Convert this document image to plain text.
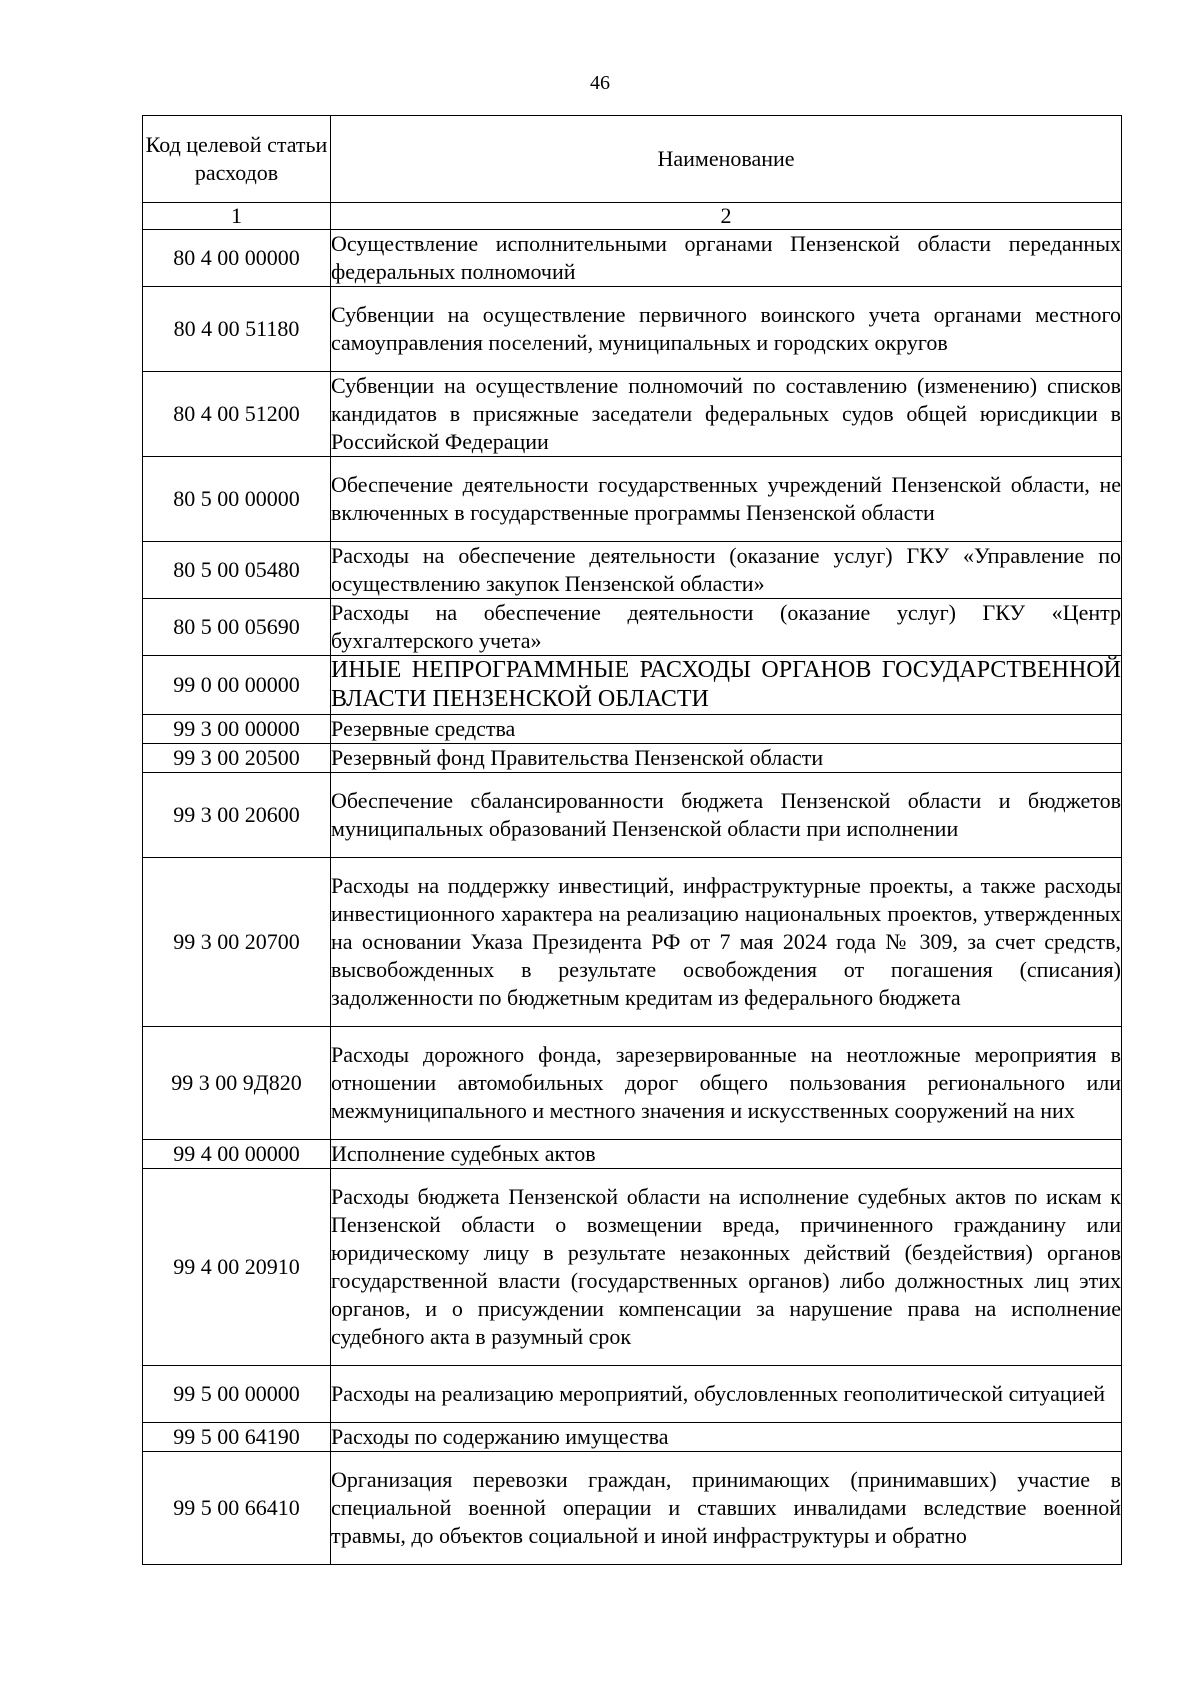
46
Код целевой статьи расходов	Наименование
1	2
80 4 00 00000	Осуществление исполнительными органами Пензенской области переданных федеральных полномочий
80 4 00 51180	Субвенции на осуществление первичного воинского учета органами местного самоуправления поселений, муниципальных и городских округов
80 4 00 51200	Субвенции на осуществление полномочий по составлению (изменению) списков кандидатов в присяжные заседатели федеральных судов общей юрисдикции в Российской Федерации
80 5 00 00000	Обеспечение деятельности государственных учреждений Пензенской области, не включенных в государственные программы Пензенской области
80 5 00 05480	Расходы на обеспечение деятельности (оказание услуг) ГКУ «Управление по осуществлению закупок Пензенской области»
80 5 00 05690	Расходы на обеспечение деятельности (оказание услуг) ГКУ «Центр бухгалтерского учета»
99 0 00 00000	ИНЫЕ НЕПРОГРАММНЫЕ РАСХОДЫ ОРГАНОВ ГОСУДАРСТВЕННОЙ ВЛАСТИ ПЕНЗЕНСКОЙ ОБЛАСТИ
99 3 00 00000	Резервные средства
99 3 00 20500	Резервный фонд Правительства Пензенской области
99 3 00 20600	Обеспечение сбалансированности бюджета Пензенской области и бюджетов муниципальных образований Пензенской области при исполнении
99 3 00 20700	Расходы на поддержку инвестиций, инфраструктурные проекты, а также расходы инвестиционного характера на реализацию национальных проектов, утвержденных на основании Указа Президента РФ от 7 мая 2024 года № 309, за счет средств, высвобожденных в результате освобождения от погашения (списания) задолженности по бюджетным кредитам из федерального бюджета
99 3 00 9Д820	Расходы дорожного фонда, зарезервированные на неотложные мероприятия в отношении автомобильных дорог общего пользования регионального или межмуниципального и местного значения и искусственных сооружений на них
99 4 00 00000	Исполнение судебных актов
99 4 00 20910	Расходы бюджета Пензенской области на исполнение судебных актов по искам к Пензенской области о возмещении вреда, причиненного гражданину или юридическому лицу в результате незаконных действий (бездействия) органов государственной власти (государственных органов) либо должностных лиц этих органов, и о присуждении компенсации за нарушение права на исполнение судебного акта в разумный срок
99 5 00 00000	Расходы на реализацию мероприятий, обусловленных геополитической ситуацией
99 5 00 64190	Расходы по содержанию имущества
99 5 00 66410	Организация перевозки граждан, принимающих (принимавших) участие в специальной военной операции и ставших инвалидами вследствие военной травмы, до объектов социальной и иной инфраструктуры и обратно
